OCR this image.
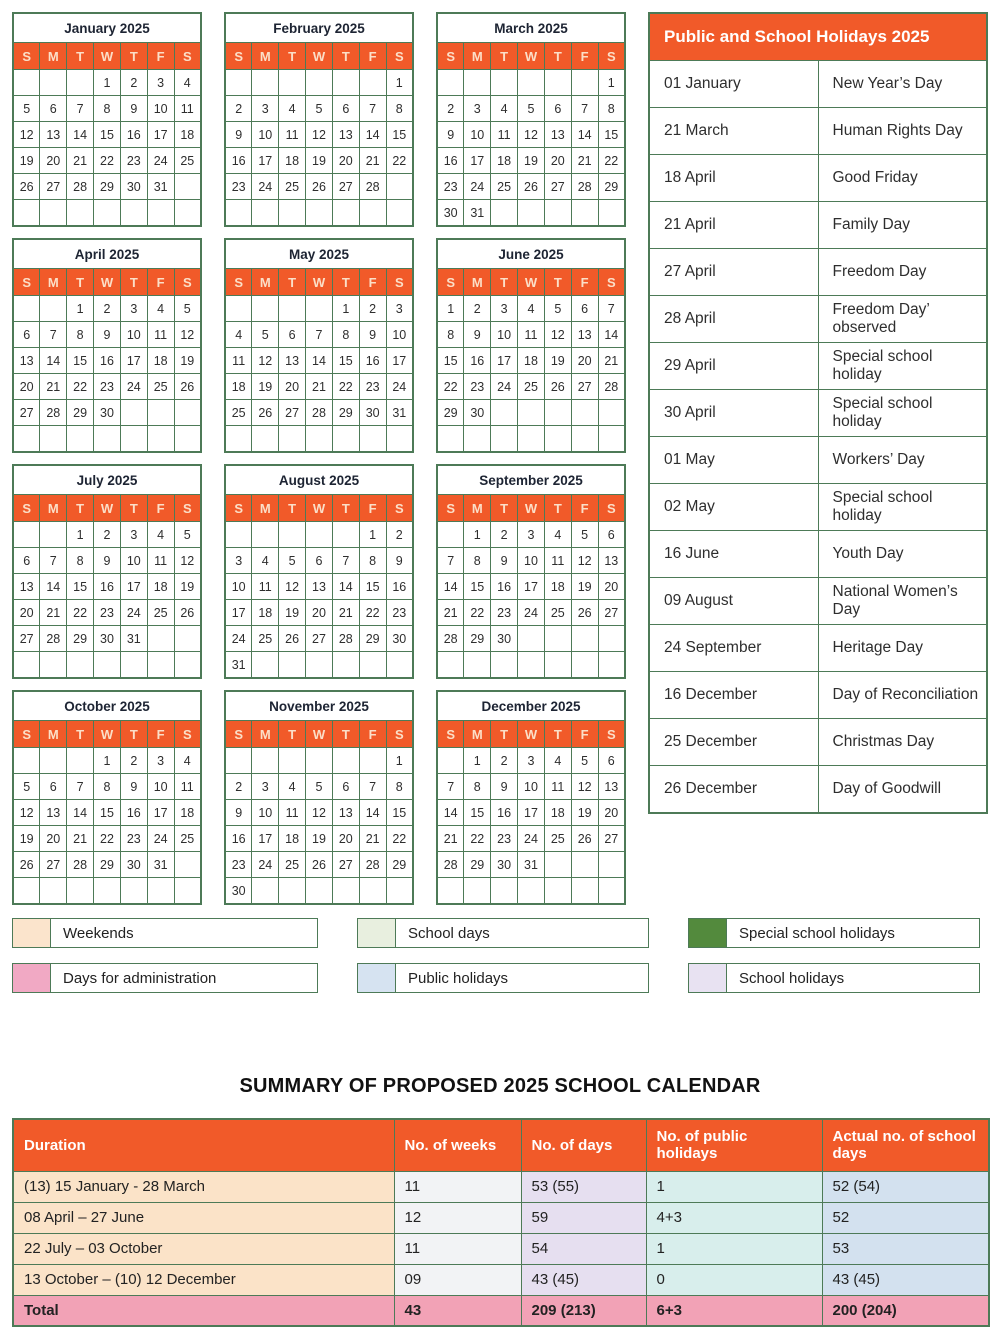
January 2025						
S	M	T	W	T	F	S
			1	2	3	4
5	6	7	8	9	10	11
12	13	14	15	16	17	18
19	20	21	22	23	24	25
26	27	28	29	30	31	

February 2025						
S	M	T	W	T	F	S
						1
2	3	4	5	6	7	8
9	10	11	12	13	14	15
16	17	18	19	20	21	22
23	24	25	26	27	28	

March 2025						
S	M	T	W	T	F	S
						1
2	3	4	5	6	7	8
9	10	11	12	13	14	15
16	17	18	19	20	21	22
23	24	25	26	27	28	29
30	31					
April 2025						
S	M	T	W	T	F	S
		1	2	3	4	5
6	7	8	9	10	11	12
13	14	15	16	17	18	19
20	21	22	23	24	25	26
27	28	29	30			

May 2025						
S	M	T	W	T	F	S
				1	2	3
4	5	6	7	8	9	10
11	12	13	14	15	16	17
18	19	20	21	22	23	24
25	26	27	28	29	30	31

June 2025						
S	M	T	W	T	F	S
1	2	3	4	5	6	7
8	9	10	11	12	13	14
15	16	17	18	19	20	21
22	23	24	25	26	27	28
29	30					

July 2025						
S	M	T	W	T	F	S
		1	2	3	4	5
6	7	8	9	10	11	12
13	14	15	16	17	18	19
20	21	22	23	24	25	26
27	28	29	30	31		

August 2025						
S	M	T	W	T	F	S
					1	2
3	4	5	6	7	8	9
10	11	12	13	14	15	16
17	18	19	20	21	22	23
24	25	26	27	28	29	30
31						
September 2025						
S	M	T	W	T	F	S
	1	2	3	4	5	6
7	8	9	10	11	12	13
14	15	16	17	18	19	20
21	22	23	24	25	26	27
28	29	30				

October 2025						
S	M	T	W	T	F	S
			1	2	3	4
5	6	7	8	9	10	11
12	13	14	15	16	17	18
19	20	21	22	23	24	25
26	27	28	29	30	31	

November 2025						
S	M	T	W	T	F	S
						1
2	3	4	5	6	7	8
9	10	11	12	13	14	15
16	17	18	19	20	21	22
23	24	25	26	27	28	29
30						
December 2025						
S	M	T	W	T	F	S
	1	2	3	4	5	6
7	8	9	10	11	12	13
14	15	16	17	18	19	20
21	22	23	24	25	26	27
28	29	30	31			

Public and School Holidays 2025	
01 January	New Year’s Day
21 March	Human Rights Day
18 April	Good Friday
21 April	Family Day
27 April	Freedom Day
28 April	Freedom Day’ observed
29 April	Special school holiday
30 April	Special school holiday
01 May	Workers’ Day
02 May	Special school holiday
16 June	Youth Day
09 August	National Women’s Day
24 September	Heritage Day
16 December	Day of Reconciliation
25 December	Christmas Day
26 December	Day of Goodwill
Weekends	School days	Special school holidays
Days for administration	Public holidays	School holidays
SUMMARY OF PROPOSED 2025 SCHOOL CALENDAR
Duration	No. of weeks	No. of days	No. of public holidays	Actual no. of school days
(13) 15 January - 28 March	11	53 (55)	1	52 (54)
08 April – 27 June	12	59	4+3	52
22 July – 03 October	11	54	1	53
13 October – (10) 12 December	09	43 (45)	0	43 (45)
Total	43	209 (213)	6+3	200 (204)
